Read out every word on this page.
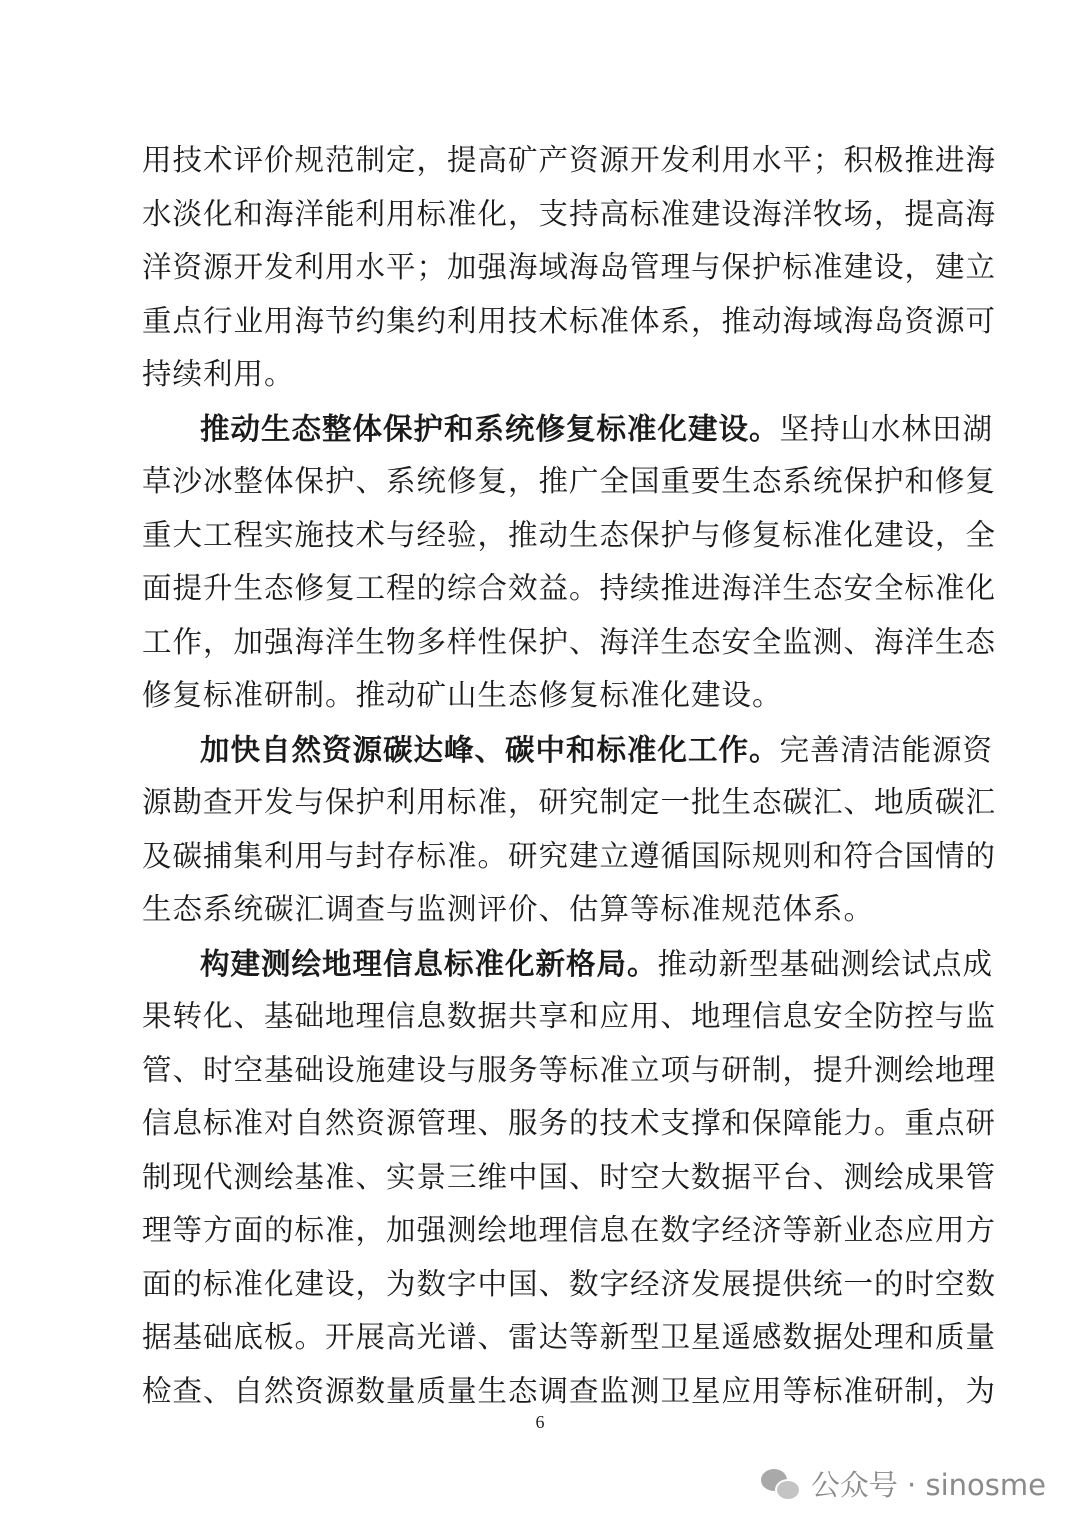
用技术评价规范制定，提高矿产资源开发利用水平；积极推进海
水淡化和海洋能利用标准化，支持高标准建设海洋牧场，提高海
洋资源开发利用水平；加强海域海岛管理与保护标准建设，建立
重点行业用海节约集约利用技术标准体系，推动海域海岛资源可
持续利用。
推动生态整体保护和系统修复标准化建设。坚持山水林田湖
草沙冰整体保护、系统修复，推广全国重要生态系统保护和修复
重大工程实施技术与经验，推动生态保护与修复标准化建设，全
面提升生态修复工程的综合效益。持续推进海洋生态安全标准化
工作，加强海洋生物多样性保护、海洋生态安全监测、海洋生态
修复标准研制。推动矿山生态修复标准化建设。
加快自然资源碳达峰、碳中和标准化工作。完善清洁能源资
源勘查开发与保护利用标准，研究制定一批生态碳汇、地质碳汇
及碳捕集利用与封存标准。研究建立遵循国际规则和符合国情的
生态系统碳汇调查与监测评价、估算等标准规范体系。
构建测绘地理信息标准化新格局。推动新型基础测绘试点成
果转化、基础地理信息数据共享和应用、地理信息安全防控与监
管、时空基础设施建设与服务等标准立项与研制，提升测绘地理
信息标准对自然资源管理、服务的技术支撑和保障能力。重点研
制现代测绘基准、实景三维中国、时空大数据平台、测绘成果管
理等方面的标准，加强测绘地理信息在数字经济等新业态应用方
面的标准化建设，为数字中国、数字经济发展提供统一的时空数
据基础底板。开展高光谱、雷达等新型卫星遥感数据处理和质量
检查、自然资源数量质量生态调查监测卫星应用等标准研制，为
6
公众号 · sinosme
